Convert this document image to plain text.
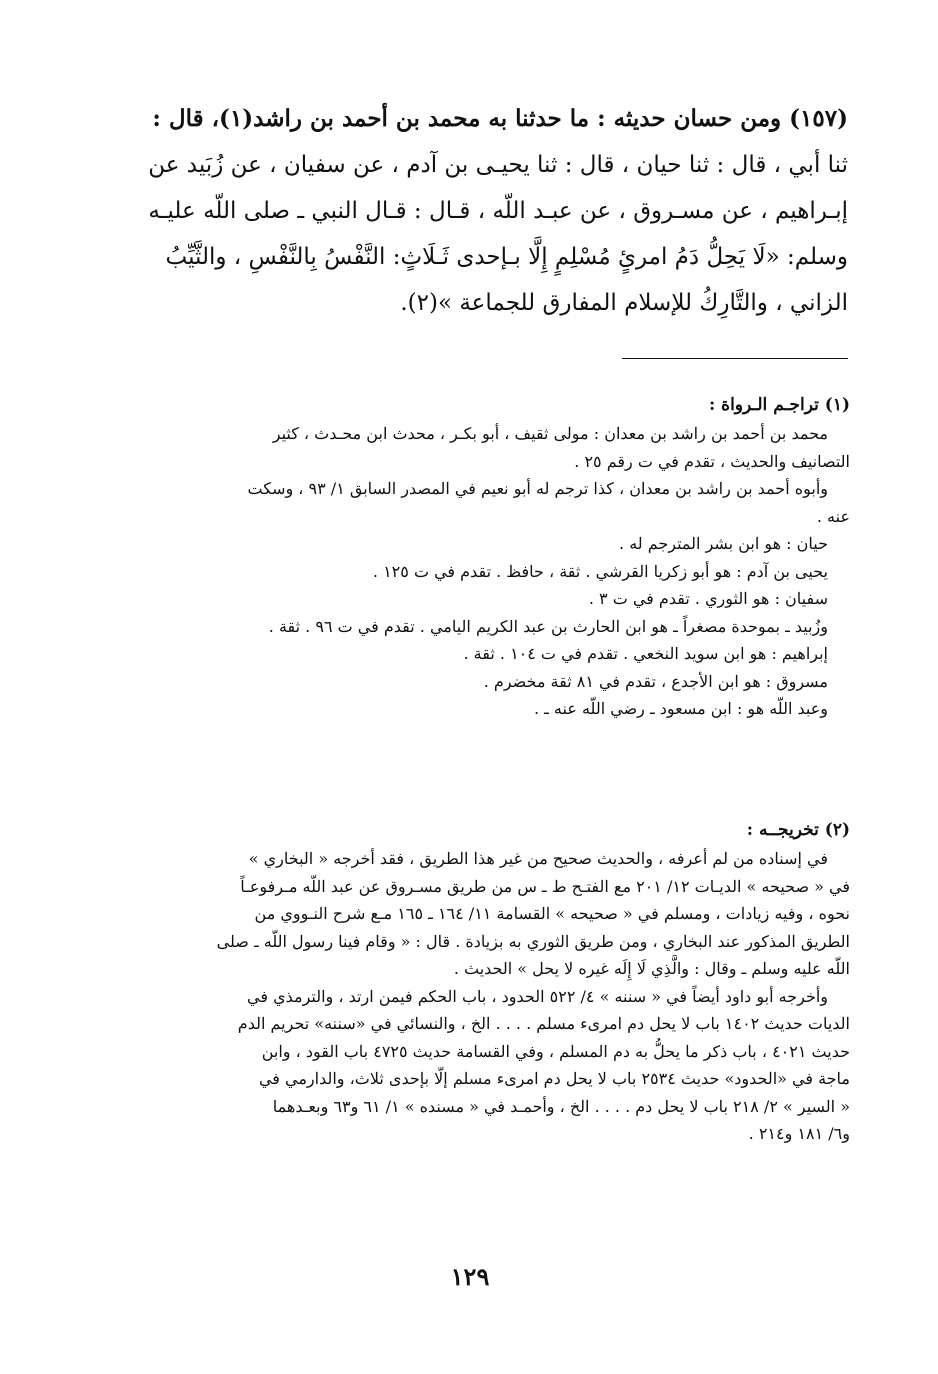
(١٥٧) ومن حسان حديثه : ما حدثنا به محمد بن أحمد بن راشد(١)، قال :
ثنا أبي ، قال : ثنا حيان ، قال : ثنا يحيـى بن آدم ، عن سفيان ، عن زُبَيد عن
إبـراهيم ، عن مسـروق ، عن عبـد اللّه ، قـال : قـال النبي ـ صلى اللّه عليـه
وسلم: «لَا يَحِلُّ دَمُ امرئٍ مُسْلِمٍ إِلَّا بـإحدى ثَـلَاثٍ: النَّفْسُ بِالنَّفْسِ ، والثَّيِّبُ
الزاني ، والتَّارِكُ للإسلام المفارق للجماعة »(٢).
(١) تراجـم الـرواة :
محمد بن أحمد بن راشد بن معدان : مولى ثقيف ، أبو بكـر ، محدث ابن محـدث ، كثير
التصانيف والحديث ، تقدم في ت رقم ٢٥ .
وأبوه أحمد بن راشد بن معدان ، كذا ترجم له أبو نعيم في المصدر السابق ١/ ٩٣ ، وسكت
عنه .
حيان : هو ابن بشر المترجم له .
يحيى بن آدم : هو أبو زكريا القرشي . ثقة ، حافظ . تقدم في ت ١٢٥ .
سفيان : هو الثوري . تقدم في ت ٣ .
وزُبيد ـ بموحدة مصغراً ـ هو ابن الحارث بن عبد الكريم اليامي . تقدم في ت ٩٦ . ثقة .
إبراهيم : هو ابن سويد النخعي . تقدم في ت ١٠٤ . ثقة .
مسروق : هو ابن الأجدع ، تقدم في ٨١ ثقة مخضرم .
وعبد اللّه هو : ابن مسعود ـ رضي اللّه عنه ـ .
(٢) تخريجــه :
في إسناده من لم أعرفه ، والحديث صحيح من غير هذا الطريق ، فقد أخرجه « البخاري »
في « صحيحه » الديـات ١٢/ ٢٠١ مع الفتـح ط ـ س من طريق مسـروق عن عبد اللّه مـرفوعـاً
نحوه ، وفيه زيادات ، ومسلم في « صحيحه » القسامة ١١/ ١٦٤ ـ ١٦٥ مـع شرح النـووي من
الطريق المذكور عند البخاري ، ومن طريق الثوري به بزيادة . قال : « وقام فينا رسول اللّه ـ صلى
اللّه عليه وسلم ـ وقال : والَّذِي لَا إِلَه غيره لا يحل » الحديث .
وأخرجه أبو داود أيضاً في « سننه » ٤/ ٥٢٢ الحدود ، باب الحكم فيمن ارتد ، والترمذي في
الديات حديث ١٤٠٢ باب لا يحل دم امرىء مسلم . . . . الخ ، والنسائي في «سننه» تحريم الدم
حديث ٤٠٢١ ، باب ذكر ما يحلُّ به دم المسلم ، وفي القسامة حديث ٤٧٢٥ باب القود ، وابن
ماجة في «الحدود» حديث ٢٥٣٤ باب لا يحل دم امرىء مسلم إلّا بإحدى ثلاث، والدارمي في
« السير » ٢/ ٢١٨ باب لا يحل دم . . . . الخ ، وأحمـد في « مسنده » ١/ ٦١ و٦٣ وبعـدهما
و٦/ ١٨١ و٢١٤ .
١٢٩
